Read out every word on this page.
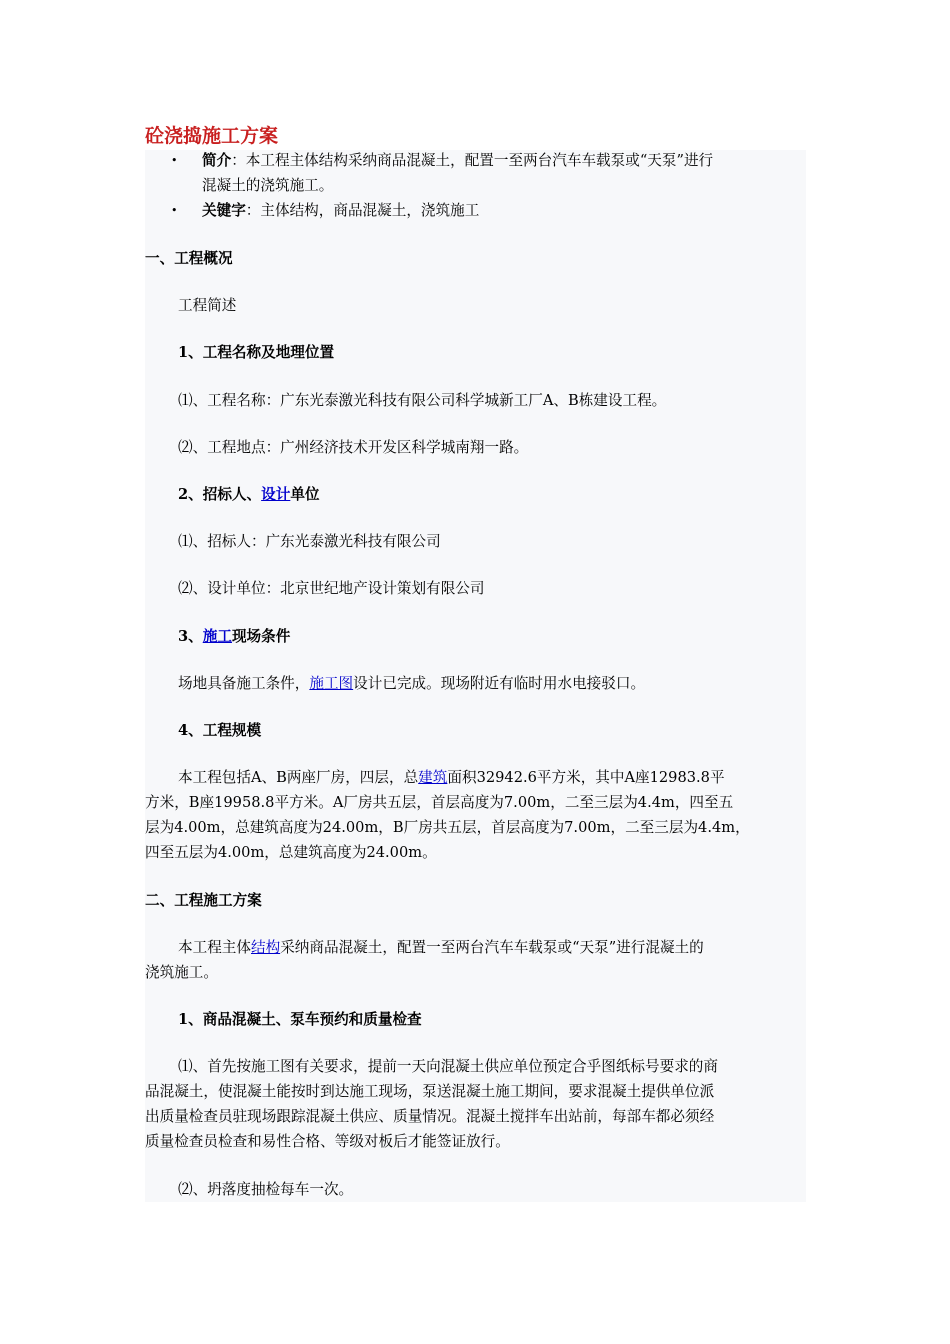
砼浇捣施工方案
• 简介：本工程主体结构采纳商品混凝土，配置一至两台汽车车载泵或“天泵”进行
混凝土的浇筑施工。
• 关键字：主体结构，商品混凝土，浇筑施工
一、工程概况
工程简述
1、工程名称及地理位置
⑴、工程名称：广东光泰激光科技有限公司科学城新工厂A、B栋建设工程。
⑵、工程地点：广州经济技术开发区科学城南翔一路。
2、招标人、设计单位
⑴、招标人：广东光泰激光科技有限公司
⑵、设计单位：北京世纪地产设计策划有限公司
3、施工现场条件
场地具备施工条件，施工图设计已完成。现场附近有临时用水电接驳口。
4、工程规模
本工程包括A、B两座厂房，四层，总建筑面积32942.6平方米，其中A座12983.8平
方米，B座19958.8平方米。A厂房共五层，首层高度为7.00m，二至三层为4.4m，四至五
层为4.00m，总建筑高度为24.00m，B厂房共五层，首层高度为7.00m，二至三层为4.4m，
四至五层为4.00m，总建筑高度为24.00m。
二、工程施工方案
本工程主体结构采纳商品混凝土，配置一至两台汽车车载泵或“天泵”进行混凝土的
浇筑施工。
1、商品混凝土、泵车预约和质量检查
⑴、首先按施工图有关要求，提前一天向混凝土供应单位预定合乎图纸标号要求的商
品混凝土，使混凝土能按时到达施工现场，泵送混凝土施工期间，要求混凝土提供单位派
出质量检查员驻现场跟踪混凝土供应、质量情况。混凝土搅拌车出站前，每部车都必须经
质量检查员检查和易性合格、等级对板后才能签证放行。
⑵、坍落度抽检每车一次。
